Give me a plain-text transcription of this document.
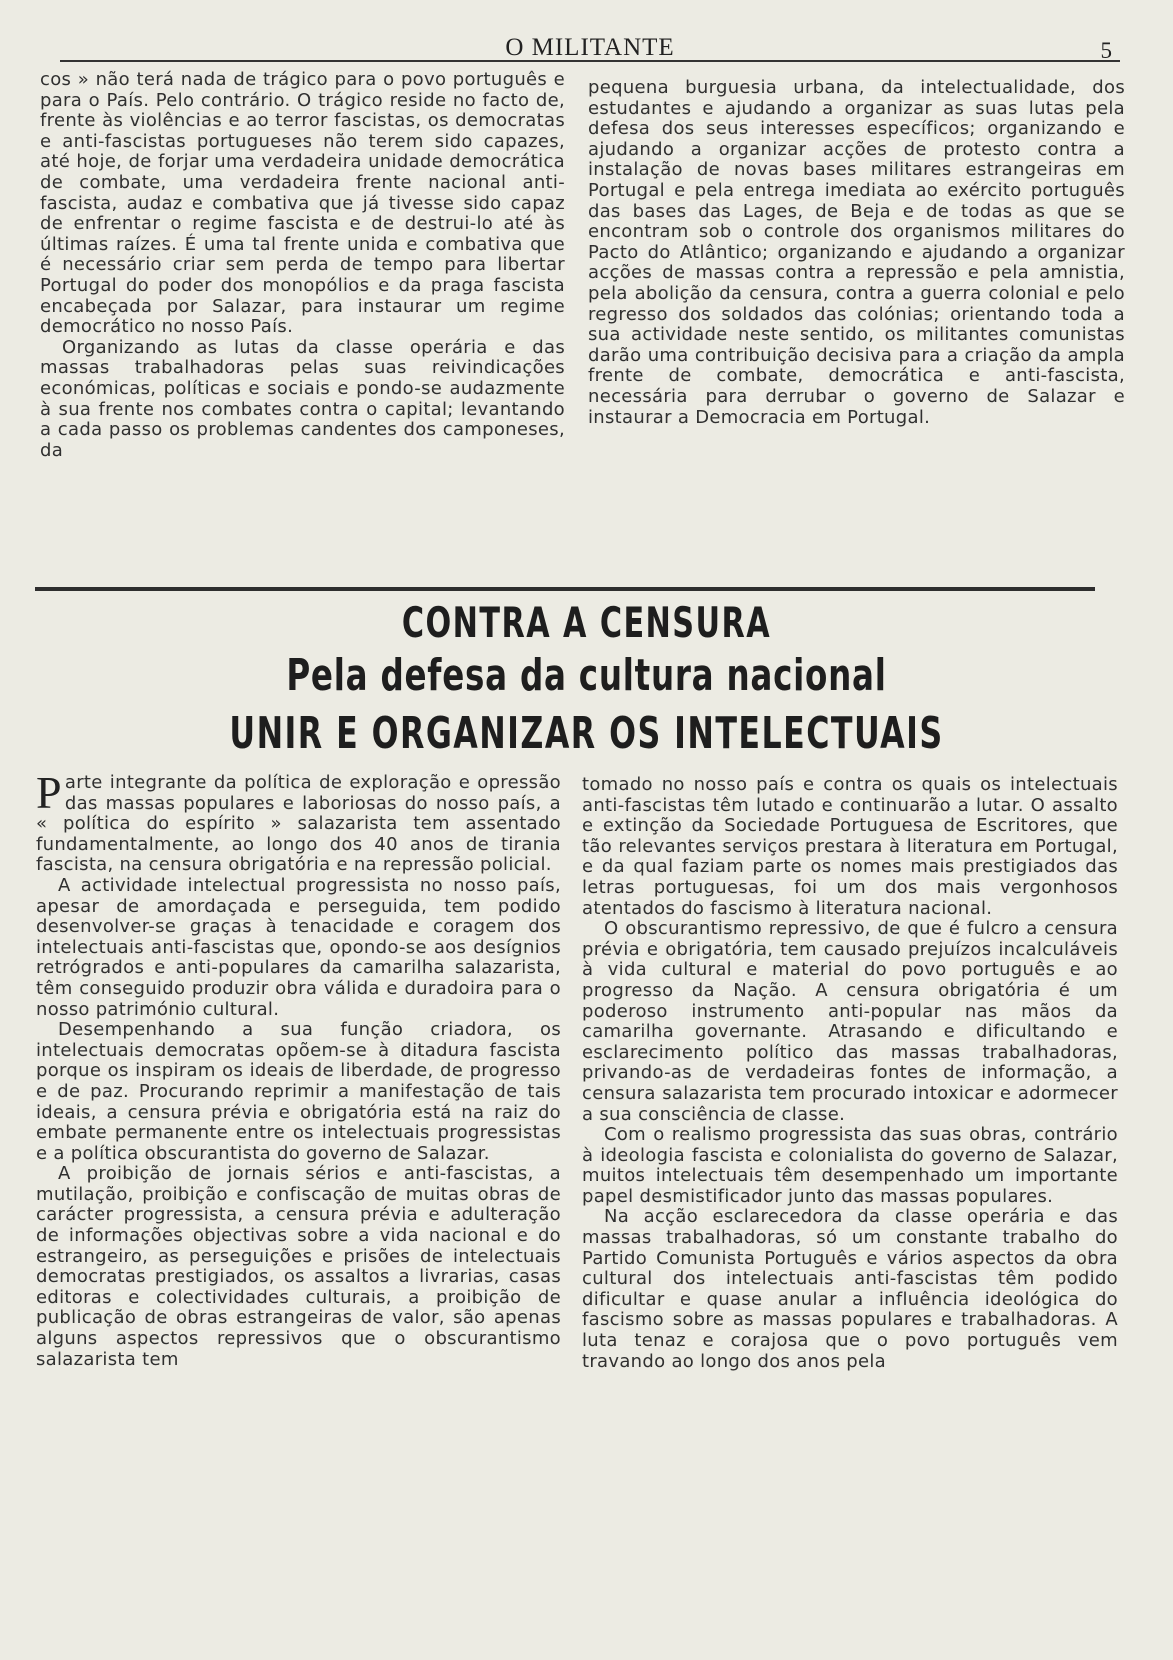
O MILITANTE	5

cos » não terá nada de trágico para o povo português e para o País. Pelo contrário. O trágico reside no facto de, frente às violências e ao terror fascistas, os democratas e anti-fascistas portugueses não terem sido capazes, até hoje, de forjar uma verdadeira unidade democrática de combate, uma verdadeira frente nacional anti-fascista, audaz e combativa que já tivesse sido capaz de enfrentar o regime fascista e de destrui-lo até às últimas raízes. É uma tal frente unida e combativa que é necessário criar sem perda de tempo para libertar Portugal do poder dos monopólios e da praga fascista encabeçada por Salazar, para instaurar um regime democrático no nosso País.

Organizando as lutas da classe operária e das massas trabalhadoras pelas suas reivindicações económicas, políticas e sociais e pondo-se audazmente à sua frente nos combates contra o capital; levantando a cada passo os problemas candentes dos camponeses, da

pequena burguesia urbana, da intelectualidade, dos estudantes e ajudando a organizar as suas lutas pela defesa dos seus interesses específicos; organizando e ajudando a organizar acções de protesto contra a instalação de novas bases militares estrangeiras em Portugal e pela entrega imediata ao exército português das bases das Lages, de Beja e de todas as que se encontram sob o controle dos organismos militares do Pacto do Atlântico; organizando e ajudando a organizar acções de massas contra a repressão e pela amnistia, pela abolição da censura, contra a guerra colonial e pelo regresso dos soldados das colónias; orientando toda a sua actividade neste sentido, os militantes comunistas darão uma contribuição decisiva para a criação da ampla frente de combate, democrática e anti-fascista, necessária para derrubar o governo de Salazar e instaurar a Democracia em Portugal.

CONTRA A CENSURA
Pela defesa da cultura nacional
UNIR E ORGANIZAR OS INTELECTUAIS

Parte integrante da política de exploração e opressão das massas populares e laboriosas do nosso país, a « política do espírito » salazarista tem assentado fundamentalmente, ao longo dos 40 anos de tirania fascista, na censura obrigatória e na repressão policial.

A actividade intelectual progressista no nosso país, apesar de amordaçada e perseguida, tem podido desenvolver-se graças à tenacidade e coragem dos intelectuais anti-fascistas que, opondo-se aos desígnios retrógrados e anti-populares da camarilha salazarista, têm conseguido produzir obra válida e duradoira para o nosso património cultural.

Desempenhando a sua função criadora, os intelectuais democratas opõem-se à ditadura fascista porque os inspiram os ideais de liberdade, de progresso e de paz. Procurando reprimir a manifestação de tais ideais, a censura prévia e obrigatória está na raiz do embate permanente entre os intelectuais progressistas e a política obscurantista do governo de Salazar.

A proibição de jornais sérios e anti-fascistas, a mutilação, proibição e confiscação de muitas obras de carácter progressista, a censura prévia e adulteração de informações objectivas sobre a vida nacional e do estrangeiro, as perseguições e prisões de intelectuais democratas prestigiados, os assaltos a livrarias, casas editoras e colectividades culturais, a proibição de publicação de obras estrangeiras de valor, são apenas alguns aspectos repressivos que o obscurantismo salazarista tem

tomado no nosso país e contra os quais os intelectuais anti-fascistas têm lutado e continuarão a lutar. O assalto e extinção da Sociedade Portuguesa de Escritores, que tão relevantes serviços prestara à literatura em Portugal, e da qual faziam parte os nomes mais prestigiados das letras portuguesas, foi um dos mais vergonhosos atentados do fascismo à literatura nacional.

O obscurantismo repressivo, de que é fulcro a censura prévia e obrigatória, tem causado prejuízos incalculáveis à vida cultural e material do povo português e ao progresso da Nação. A censura obrigatória é um poderoso instrumento anti-popular nas mãos da camarilha governante. Atrasando e dificultando e esclarecimento político das massas trabalhadoras, privando-as de verdadeiras fontes de informação, a censura salazarista tem procurado intoxicar e adormecer a sua consciência de classe.

Com o realismo progressista das suas obras, contrário à ideologia fascista e colonialista do governo de Salazar, muitos intelectuais têm desempenhado um importante papel desmistificador junto das massas populares.

Na acção esclarecedora da classe operária e das massas trabalhadoras, só um constante trabalho do Partido Comunista Português e vários aspectos da obra cultural dos intelectuais anti-fascistas têm podido dificultar e quase anular a influência ideológica do fascismo sobre as massas populares e trabalhadoras. A luta tenaz e corajosa que o povo português vem travando ao longo dos anos pela
